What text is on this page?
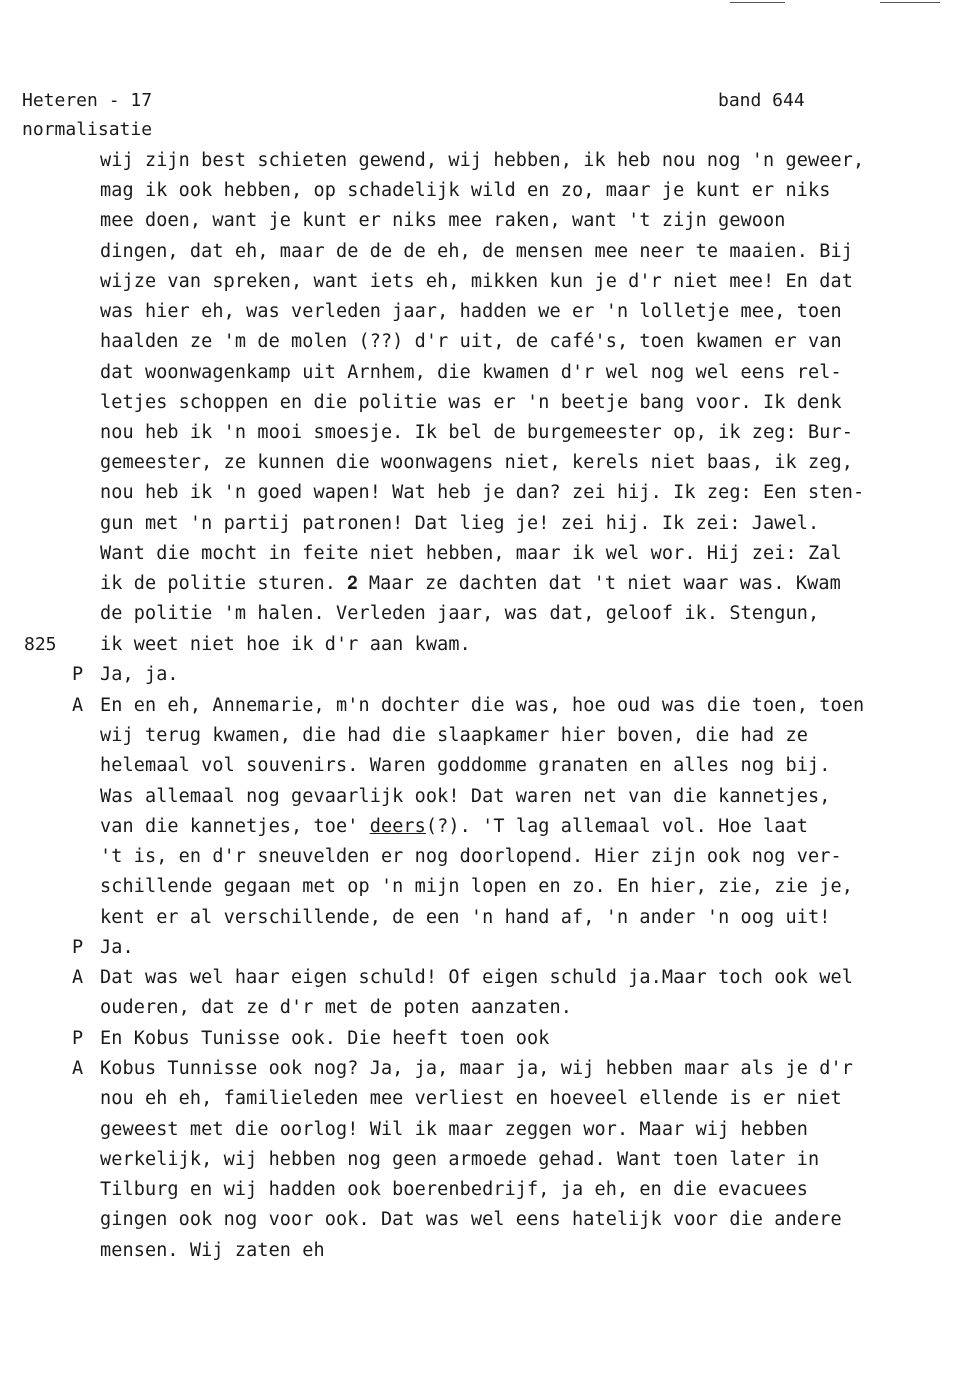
Heteren - 17
normalisatie
band 644
wij zijn best schieten gewend, wij hebben, ik heb nou nog 'n geweer,
mag ik ook hebben, op schadelijk wild en zo, maar je kunt er niks
mee doen, want je kunt er niks mee raken, want 't zijn gewoon
dingen, dat eh, maar de de de eh, de mensen mee neer te maaien. Bij
wijze van spreken, want iets eh, mikken kun je d'r niet mee! En dat
was hier eh, was verleden jaar, hadden we er 'n lolletje mee, toen
haalden ze 'm de molen (??) d'r uit, de café's, toen kwamen er van
dat woonwagenkamp uit Arnhem, die kwamen d'r wel nog wel eens rel-
letjes schoppen en die politie was er 'n beetje bang voor. Ik denk
nou heb ik 'n mooi smoesje. Ik bel de burgemeester op, ik zeg: Bur-
gemeester, ze kunnen die woonwagens niet, kerels niet baas, ik zeg,
nou heb ik 'n goed wapen! Wat heb je dan? zei hij. Ik zeg: Een sten-
gun met 'n partij patronen! Dat lieg je! zei hij. Ik zei: Jawel.
Want die mocht in feite niet hebben, maar ik wel wor. Hij zei: Zal
ik de politie sturen. 𝟐 Maar ze dachten dat 't niet waar was. Kwam
de politie 'm halen. Verleden jaar, was dat, geloof ik. Stengun,
825 ik weet niet hoe ik d'r aan kwam.
P Ja, ja.
A En en eh, Annemarie, m'n dochter die was, hoe oud was die toen, toen
wij terug kwamen, die had die slaapkamer hier boven, die had ze
helemaal vol souvenirs. Waren goddomme granaten en alles nog bij.
Was allemaal nog gevaarlijk ook! Dat waren net van die kannetjes,
van die kannetjes, toe' deers(?). 'T lag allemaal vol. Hoe laat
't is, en d'r sneuvelden er nog doorlopend. Hier zijn ook nog ver-
schillende gegaan met op 'n mijn lopen en zo. En hier, zie, zie je,
kent er al verschillende, de een 'n hand af, 'n ander 'n oog uit!
P Ja.
A Dat was wel haar eigen schuld! Of eigen schuld ja.Maar toch ook wel
ouderen, dat ze d'r met de poten aanzaten.
P En Kobus Tunisse ook. Die heeft toen ook
A Kobus Tunnisse ook nog? Ja, ja, maar ja, wij hebben maar als je d'r
nou eh eh, familieleden mee verliest en hoeveel ellende is er niet
geweest met die oorlog! Wil ik maar zeggen wor. Maar wij hebben
werkelijk, wij hebben nog geen armoede gehad. Want toen later in
Tilburg en wij hadden ook boerenbedrijf, ja eh, en die evacuees
gingen ook nog voor ook. Dat was wel eens hatelijk voor die andere
mensen. Wij zaten eh
